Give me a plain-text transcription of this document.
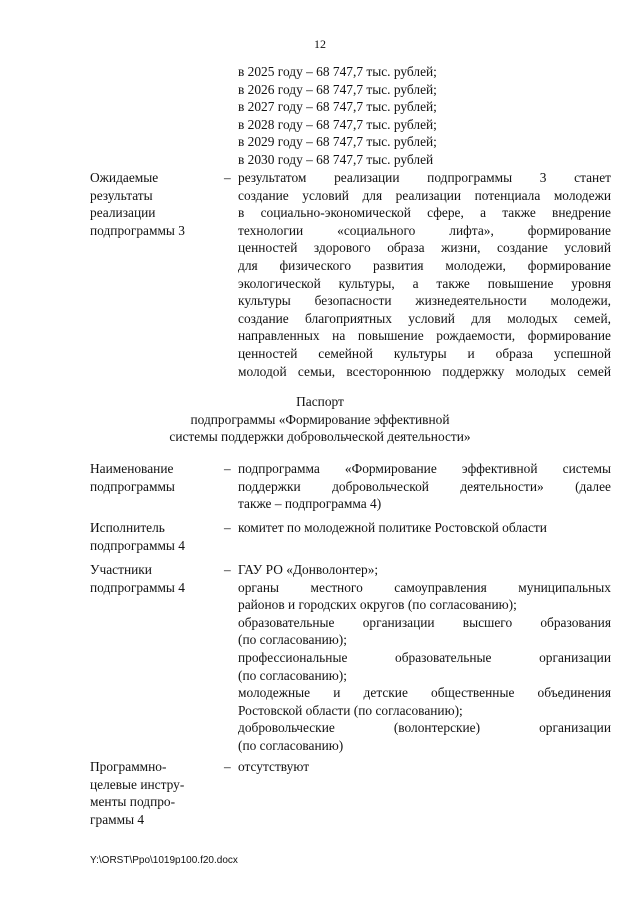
12
в 2025 году – 68 747,7 тыс. рублей;
в 2026 году – 68 747,7 тыс. рублей;
в 2027 году – 68 747,7 тыс. рублей;
в 2028 году – 68 747,7 тыс. рублей;
в 2029 году – 68 747,7 тыс. рублей;
в 2030 году – 68 747,7 тыс. рублей
Ожидаемые
результаты
реализации
подпрограммы 3
– результатом реализации подпрограммы 3 станет
создание условий для реализации потенциала молодежи
в социально-экономической сфере, а также внедрение
технологии «социального лифта», формирование
ценностей здорового образа жизни, создание условий
для физического развития молодежи, формирование
экологической культуры, а также повышение уровня
культуры безопасности жизнедеятельности молодежи,
создание благоприятных условий для молодых семей,
направленных на повышение рождаемости, формирование
ценностей семейной культуры и образа успешной
молодой семьи, всестороннюю поддержку молодых семей
Паспорт
подпрограммы «Формирование эффективной
системы поддержки добровольческой деятельности»
Наименование
подпрограммы
– подпрограмма «Формирование эффективной системы
поддержки добровольческой деятельности» (далее
также – подпрограмма 4)
Исполнитель
подпрограммы 4
– комитет по молодежной политике Ростовской области
Участники
подпрограммы 4
– ГАУ РО «Донволонтер»;
органы местного самоуправления муниципальных
районов и городских округов (по согласованию);
образовательные организации высшего образования
(по согласованию);
профессиональные образовательные организации
(по согласованию);
молодежные и детские общественные объединения
Ростовской области (по согласованию);
добровольческие (волонтерские) организации
(по согласованию)
Программно-
целевые инстру-
менты подпро-
граммы 4
– отсутствуют
Y:\ORST\Ppo\1019p100.f20.docx
